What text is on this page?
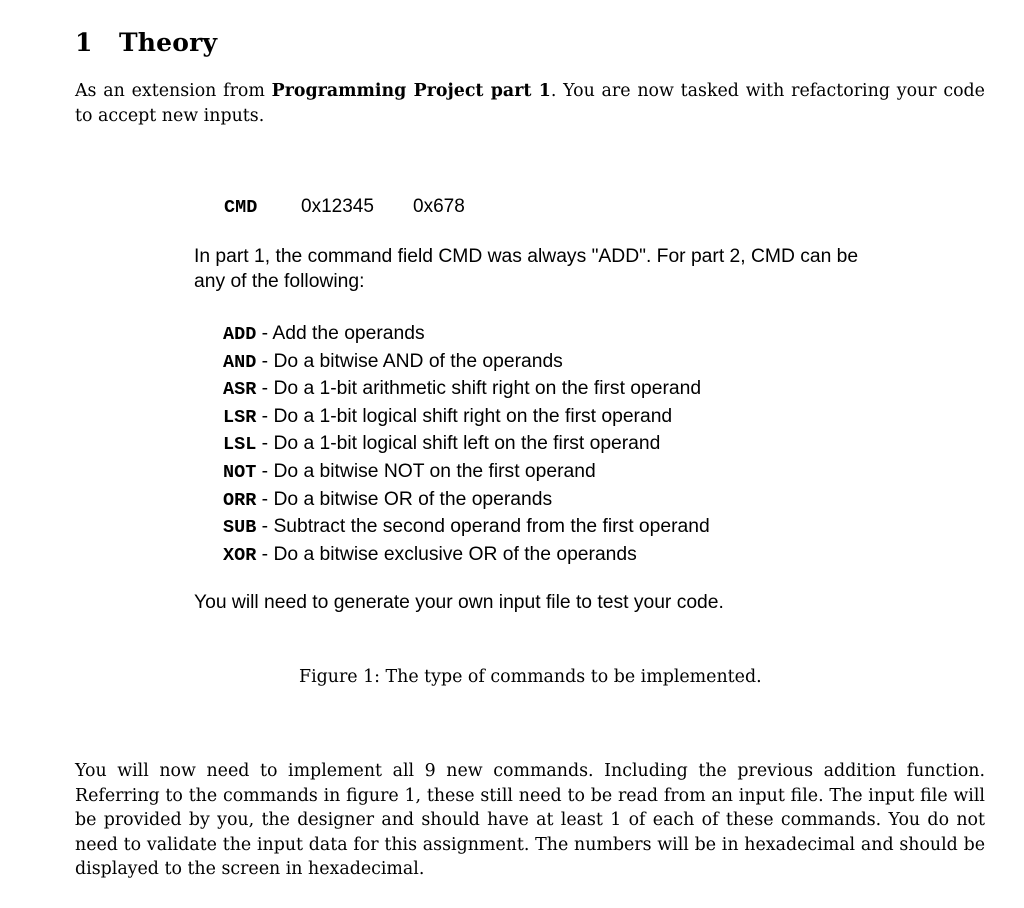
1 Theory

As an extension from Programming Project part 1. You are now tasked with refactoring your code to accept new inputs.

CMD 0x12345 0x678
In part 1, the command field CMD was always "ADD". For part 2, CMD can be any of the following:
ADD - Add the operands
AND - Do a bitwise AND of the operands
ASR - Do a 1-bit arithmetic shift right on the first operand
LSR - Do a 1-bit logical shift right on the first operand
LSL - Do a 1-bit logical shift left on the first operand
NOT - Do a bitwise NOT on the first operand
ORR - Do a bitwise OR of the operands
SUB - Subtract the second operand from the first operand
XOR - Do a bitwise exclusive OR of the operands
You will need to generate your own input file to test your code.
Figure 1: The type of commands to be implemented.

You will now need to implement all 9 new commands. Including the previous addition function. Referring to the commands in figure 1, these still need to be read from an input file. The input file will be provided by you, the designer and should have at least 1 of each of these commands. You do not need to validate the input data for this assignment. The numbers will be in hexadecimal and should be displayed to the screen in hexadecimal.
